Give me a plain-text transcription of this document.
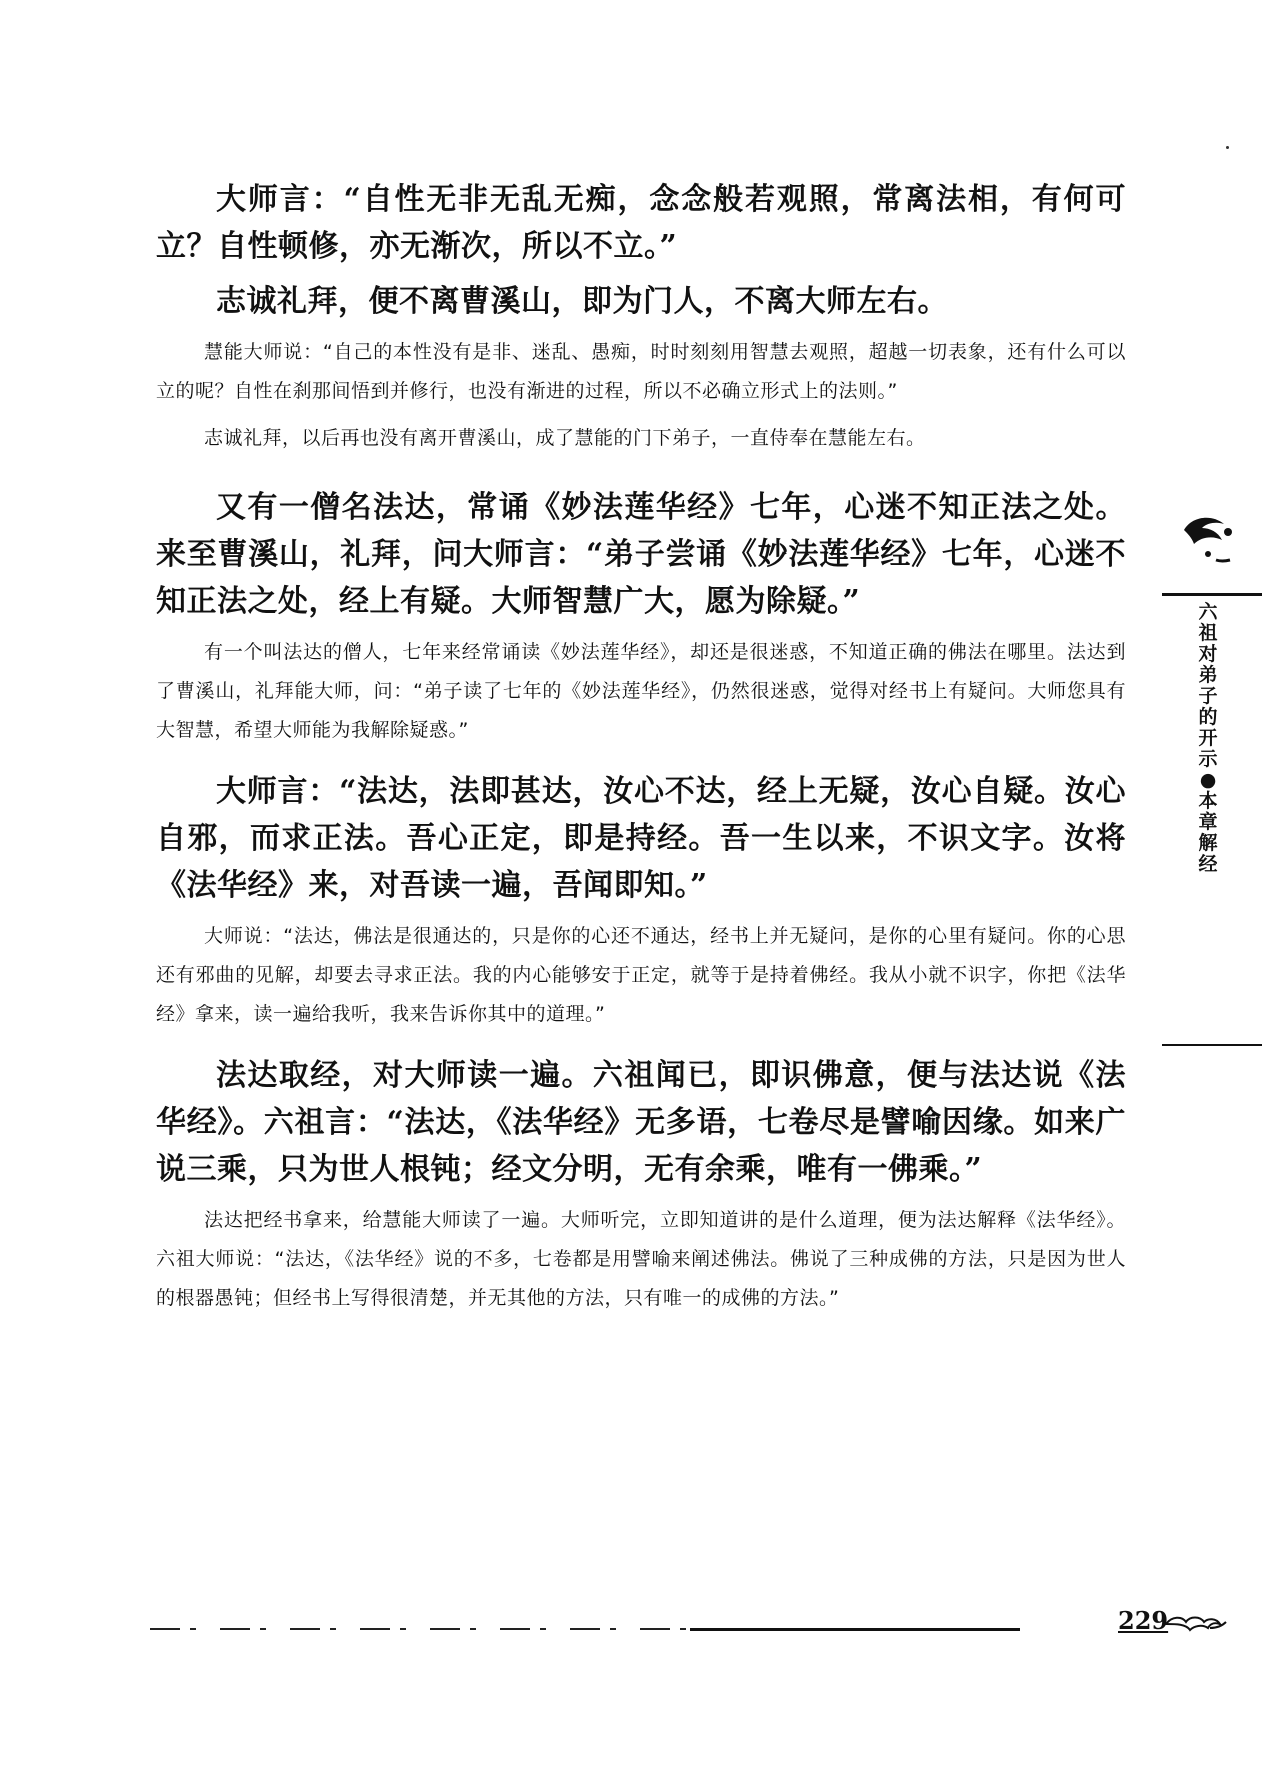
大师言：“自性无非无乱无痴，念念般若观照，常离法相，有何可立？自性顿修，亦无渐次，所以不立。”

志诚礼拜，便不离曹溪山，即为门人，不离大师左右。

慧能大师说：“自己的本性没有是非、迷乱、愚痴，时时刻刻用智慧去观照，超越一切表象，还有什么可以立的呢？自性在刹那间悟到并修行，也没有渐进的过程，所以不必确立形式上的法则。”

志诚礼拜，以后再也没有离开曹溪山，成了慧能的门下弟子，一直侍奉在慧能左右。

又有一僧名法达，常诵《妙法莲华经》七年，心迷不知正法之处。来至曹溪山，礼拜，问大师言：“弟子尝诵《妙法莲华经》七年，心迷不知正法之处，经上有疑。大师智慧广大，愿为除疑。”

有一个叫法达的僧人，七年来经常诵读《妙法莲华经》，却还是很迷惑，不知道正确的佛法在哪里。法达到了曹溪山，礼拜能大师，问：“弟子读了七年的《妙法莲华经》，仍然很迷惑，觉得对经书上有疑问。大师您具有大智慧，希望大师能为我解除疑惑。”

大师言：“法达，法即甚达，汝心不达，经上无疑，汝心自疑。汝心自邪，而求正法。吾心正定，即是持经。吾一生以来，不识文字。汝将《法华经》来，对吾读一遍，吾闻即知。”

大师说：“法达，佛法是很通达的，只是你的心还不通达，经书上并无疑问，是你的心里有疑问。你的心思还有邪曲的见解，却要去寻求正法。我的内心能够安于正定，就等于是持着佛经。我从小就不识字，你把《法华经》拿来，读一遍给我听，我来告诉你其中的道理。”

法达取经，对大师读一遍。六祖闻已，即识佛意，便与法达说《法华经》。六祖言：“法达，《法华经》无多语，七卷尽是譬喻因缘。如来广说三乘，只为世人根钝；经文分明，无有余乘，唯有一佛乘。”

法达把经书拿来，给慧能大师读了一遍。大师听完，立即知道讲的是什么道理，便为法达解释《法华经》。六祖大师说：“法达，《法华经》说的不多，七卷都是用譬喻来阐述佛法。佛说了三种成佛的方法，只是因为世人的根器愚钝；但经书上写得很清楚，并无其他的方法，只有唯一的成佛的方法。”

六祖对弟子的开示●本章解经
229
